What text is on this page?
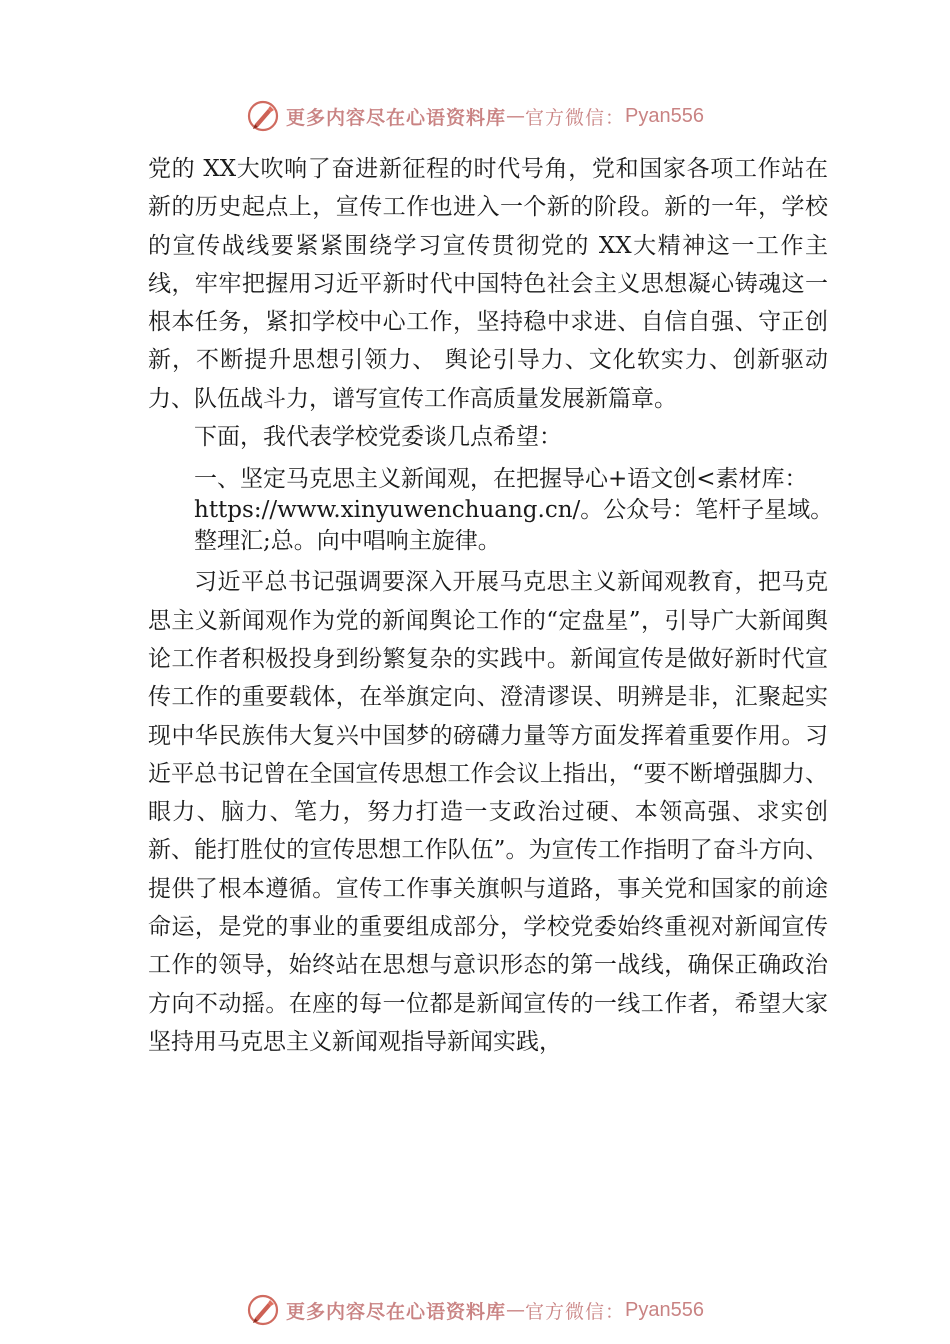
更多内容尽在心语资料库 — 官方微信： Pyan556

党的 XX大吹响了奋进新征程的时代号角，党和国家各项工作站在新的历史起点上，宣传工作也进入一个新的阶段。新的一年，学校的宣传战线要紧紧围绕学习宣传贯彻党的 XX大精神这一工作主线，牢牢把握用习近平新时代中国特色社会主义思想凝心铸魂这一根本任务，紧扣学校中心工作，坚持稳中求进、自信自强、守正创新，不断提升思想引领力、 舆论引导力、文化软实力、创新驱动力、队伍战斗力，谱写宣传工作高质量发展新篇章。

下面，我代表学校党委谈几点希望：

一、坚定马克思主义新闻观，在把握导心+语文创<素材库：
https://www.xinyuwenchuang.cn/。公众号：笔杆子星域。
整理汇;总。向中唱响主旋律。

习近平总书记强调要深入开展马克思主义新闻观教育，把马克思主义新闻观作为党的新闻舆论工作的“定盘星”，引导广大新闻舆论工作者积极投身到纷繁复杂的实践中。新闻宣传是做好新时代宣传工作的重要载体，在举旗定向、澄清谬误、明辨是非，汇聚起实现中华民族伟大复兴中国梦的磅礴力量等方面发挥着重要作用。习近平总书记曾在全国宣传思想工作会议上指出，“要不断增强脚力、眼力、脑力、笔力，努力打造一支政治过硬、本领高强、求实创新、能打胜仗的宣传思想工作队伍”。为宣传工作指明了奋斗方向、提供了根本遵循。宣传工作事关旗帜与道路，事关党和国家的前途命运，是党的事业的重要组成部分，学校党委始终重视对新闻宣传工作的领导，始终站在思想与意识形态的第一战线，确保正确政治方向不动摇。在座的每一位都是新闻宣传的一线工作者，希望大家坚持用马克思主义新闻观指导新闻实践，

更多内容尽在心语资料库 — 官方微信： Pyan556
